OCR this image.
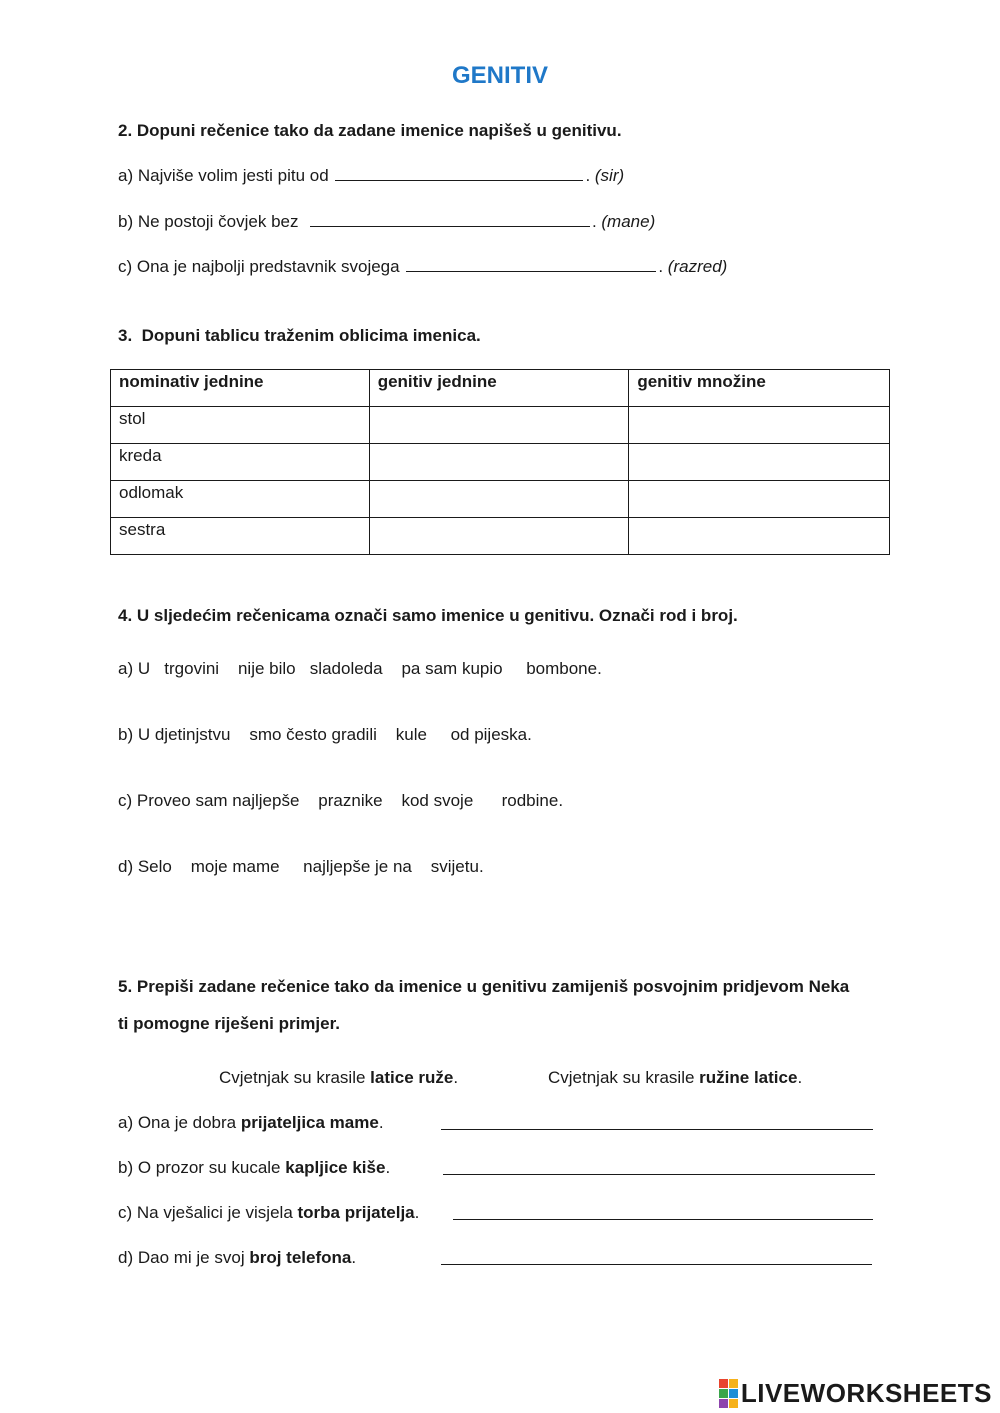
GENITIV
2. Dopuni rečenice tako da zadane imenice napišeš u genitivu.
a) Najviše volim jesti pitu od	. (sir)
b) Ne postoji čovjek bez	. (mane)
c) Ona je najbolji predstavnik svojega	. (razred)
3.  Dopuni tablicu traženim oblicima imenica.
nominativ jednine	genitiv jednine	genitiv množine
stol		
kreda		
odlomak		
sestra		
4. U sljedećim rečenicama označi samo imenice u genitivu. Označi rod i broj.
a) U   trgovini    nije bilo   sladoleda    pa sam kupio     bombone.
b) U djetinjstvu    smo često gradili    kule     od pijeska.
c) Proveo sam najljepše    praznike    kod svoje      rodbine.
d) Selo    moje mame     najljepše je na    svijetu.
5. Prepiši zadane rečenice tako da imenice u genitivu zamijeniš posvojnim pridjevom Neka
ti pomogne riješeni primjer.
Cvjetnjak su krasile latice ruže.	Cvjetnjak su krasile ružine latice.
a) Ona je dobra prijateljica mame.
b) O prozor su kucale kapljice kiše.
c) Na vješalici je visjela torba prijatelja.
d) Dao mi je svoj broj telefona.
LIVEWORKSHEETS
